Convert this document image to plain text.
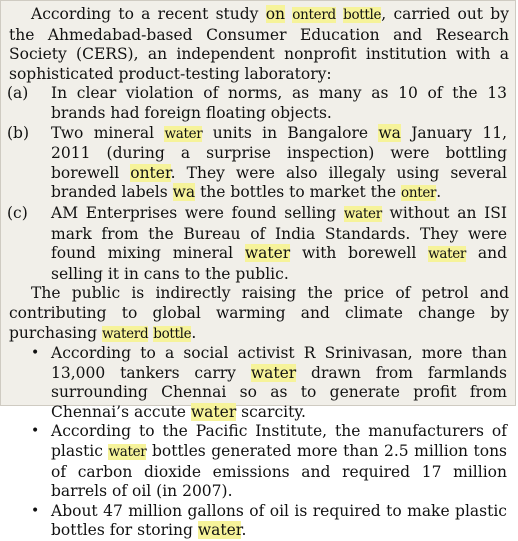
According to a recent study on onterd bottle, carried out by the Ahmedabad-based Consumer Education and Research Society (CERS), an independent nonprofit institution with a sophisticated product-testing laboratory:

(a) In clear violation of norms, as many as 10 of the 13 brands had foreign floating objects.

(b) Two mineral water units in Bangalore wa January 11, 2011 (during a surprise inspection) were bottling borewell onter. They were also illegaly using several branded labels wa the bottles to market the onter.

(c) AM Enterprises were found selling water without an ISI mark from the Bureau of India Standards. They were found mixing mineral water with borewell water and selling it in cans to the public.

The public is indirectly raising the price of petrol and contributing to global warming and climate change by purchasing waterd bottle.

• According to a social activist R Srinivasan, more than 13,000 tankers carry water drawn from farmlands surrounding Chennai so as to generate profit from Chennai’s accute water scarcity.

• According to the Pacific Institute, the manufacturers of plastic water bottles generated more than 2.5 million tons of carbon dioxide emissions and required 17 million barrels of oil (in 2007).

• About 47 million gallons of oil is required to make plastic bottles for storing water.
